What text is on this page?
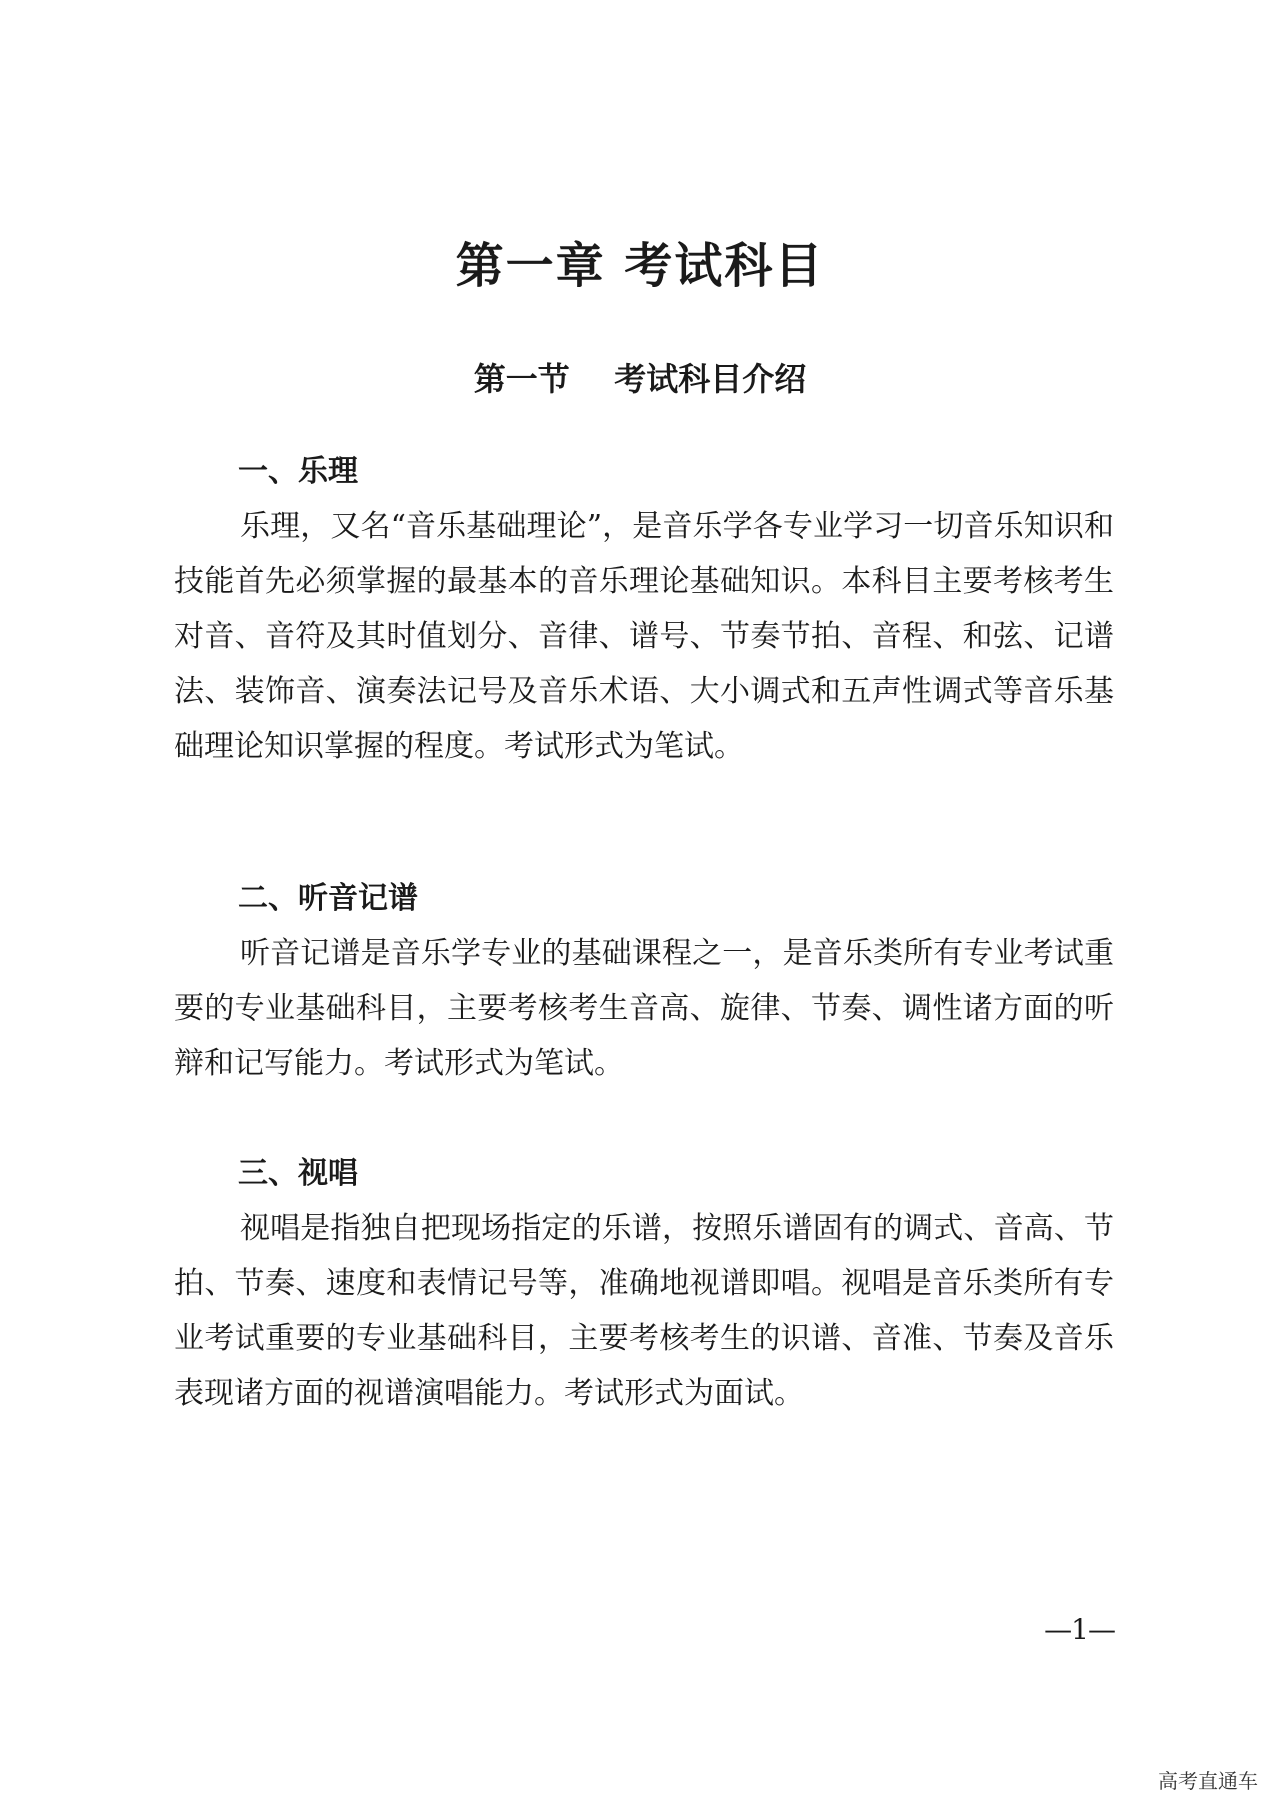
第一章 考试科目
第一节    考试科目介绍
一、乐理

乐理，又名“音乐基础理论”，是音乐学各专业学习一切音乐知识和技能首先必须掌握的最基本的音乐理论基础知识。本科目主要考核考生对音、音符及其时值划分、音律、谱号、节奏节拍、音程、和弦、记谱法、装饰音、演奏法记号及音乐术语、大小调式和五声性调式等音乐基础理论知识掌握的程度。考试形式为笔试。

二、听音记谱

听音记谱是音乐学专业的基础课程之一，是音乐类所有专业考试重要的专业基础科目，主要考核考生音高、旋律、节奏、调性诸方面的听辩和记写能力。考试形式为笔试。

三、视唱

视唱是指独自把现场指定的乐谱，按照乐谱固有的调式、音高、节拍、节奏、速度和表情记号等，准确地视谱即唱。视唱是音乐类所有专业考试重要的专业基础科目，主要考核考生的识谱、音准、节奏及音乐表现诸方面的视谱演唱能力。考试形式为面试。

—1—
高考直通车
